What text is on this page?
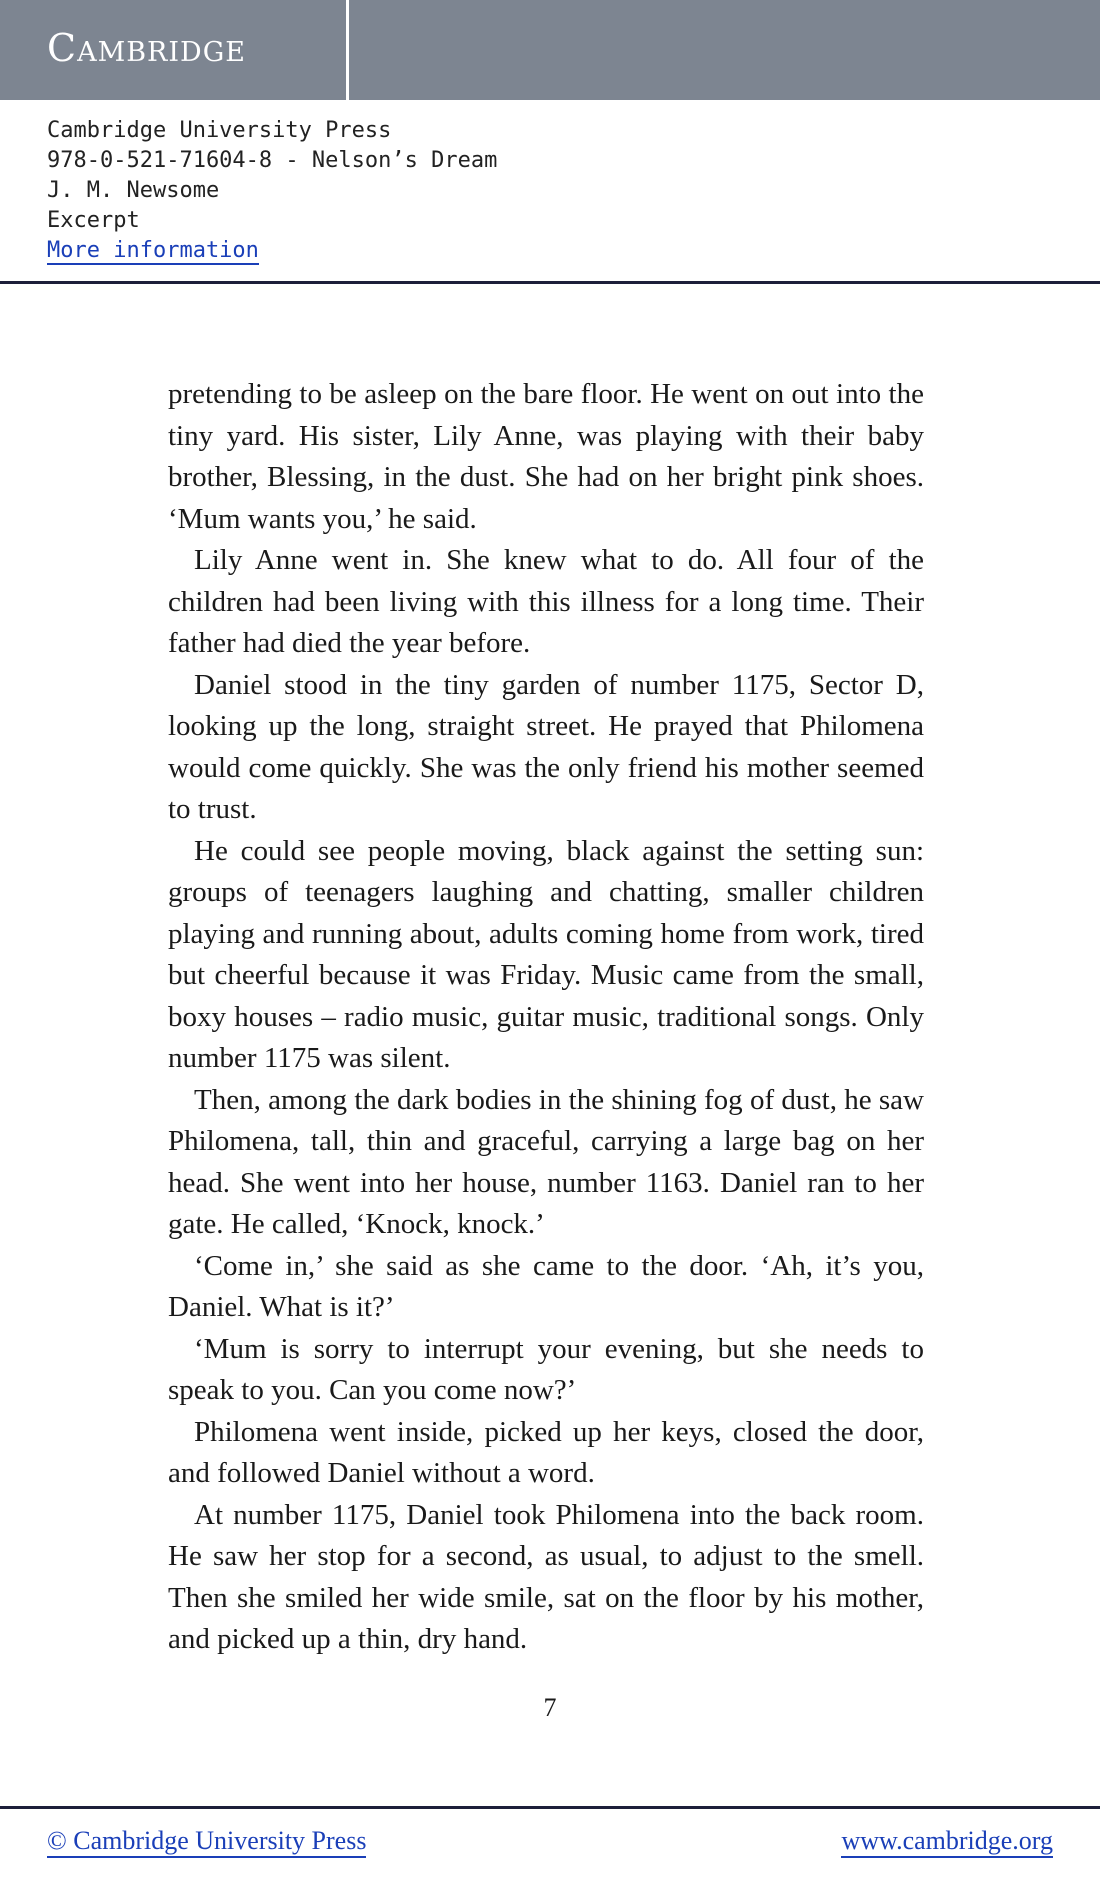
Cambridge
Cambridge University Press
978-0-521-71604-8 - Nelson’s Dream
J. M. Newsome
Excerpt
More information

pretending to be asleep on the bare floor. He went on out into the tiny yard. His sister, Lily Anne, was playing with their baby brother, Blessing, in the dust. She had on her bright pink shoes. ‘Mum wants you,’ he said.

Lily Anne went in. She knew what to do. All four of the children had been living with this illness for a long time. Their father had died the year before.

Daniel stood in the tiny garden of number 1175, Sector D, looking up the long, straight street. He prayed that Philomena would come quickly. She was the only friend his mother seemed to trust.

He could see people moving, black against the setting sun: groups of teenagers laughing and chatting, smaller children playing and running about, adults coming home from work, tired but cheerful because it was Friday. Music came from the small, boxy houses – radio music, guitar music, traditional songs. Only number 1175 was silent.

Then, among the dark bodies in the shining fog of dust, he saw Philomena, tall, thin and graceful, carrying a large bag on her head. She went into her house, number 1163. Daniel ran to her gate. He called, ‘Knock, knock.’

‘Come in,’ she said as she came to the door. ‘Ah, it’s you, Daniel. What is it?’

‘Mum is sorry to interrupt your evening, but she needs to speak to you. Can you come now?’

Philomena went inside, picked up her keys, closed the door, and followed Daniel without a word.

At number 1175, Daniel took Philomena into the back room. He saw her stop for a second, as usual, to adjust to the smell. Then she smiled her wide smile, sat on the floor by his mother, and picked up a thin, dry hand.

7
© Cambridge University Press	www.cambridge.org
